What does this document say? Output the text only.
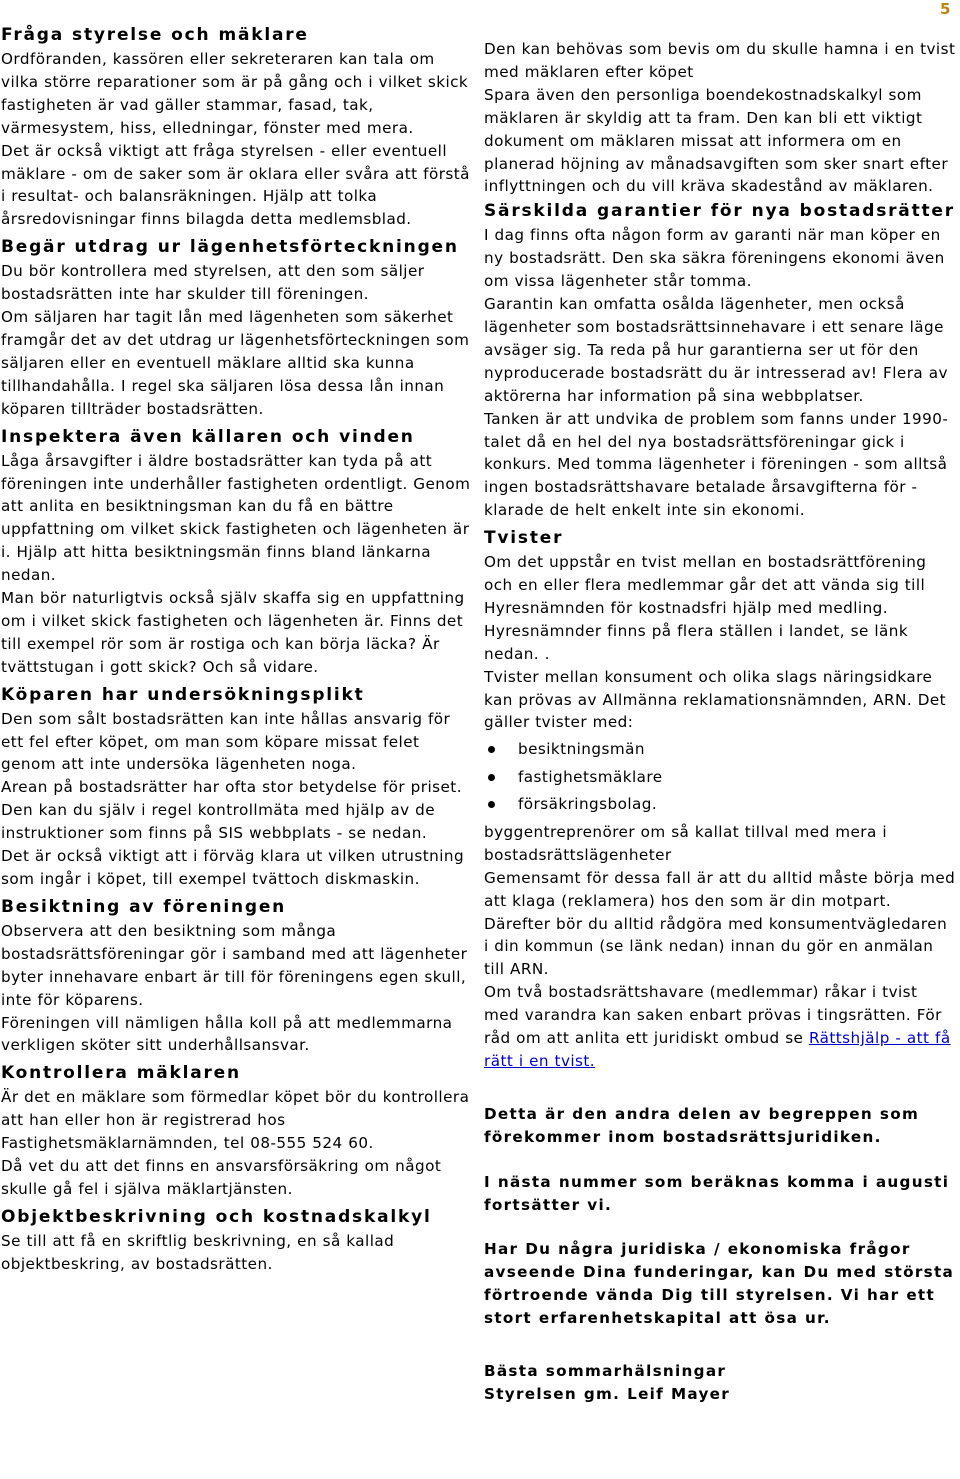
5
Fråga styrelse och mäklare

Ordföranden, kassören eller sekreteraren kan tala om vilka större reparationer som är på gång och i vilket skick fastigheten är vad gäller stammar, fasad, tak, värmesystem, hiss, elledningar, fönster med mera.

Det är också viktigt att fråga styrelsen - eller eventuell mäklare - om de saker som är oklara eller svåra att förstå i resultat- och balansräkningen. Hjälp att tolka årsredovisningar finns bilagda detta medlemsblad.

Begär utdrag ur lägenhetsförteckningen

Du bör kontrollera med styrelsen, att den som säljer bostadsrätten inte har skulder till föreningen.

Om säljaren har tagit lån med lägenheten som säkerhet framgår det av det utdrag ur lägenhetsförteckningen som säljaren eller en eventuell mäklare alltid ska kunna tillhandahålla. I regel ska säljaren lösa dessa lån innan köparen tillträder bostadsrätten.

Inspektera även källaren och vinden

Låga årsavgifter i äldre bostadsrätter kan tyda på att föreningen inte underhåller fastigheten ordentligt. Genom att anlita en besiktningsman kan du få en bättre uppfattning om vilket skick fastigheten och lägenheten är i. Hjälp att hitta besiktningsmän finns bland länkarna nedan.

Man bör naturligtvis också själv skaffa sig en uppfattning om i vilket skick fastigheten och lägenheten är. Finns det till exempel rör som är rostiga och kan börja läcka? Är tvättstugan i gott skick? Och så vidare.

Köparen har undersökningsplikt

Den som sålt bostadsrätten kan inte hållas ansvarig för ett fel efter köpet, om man som köpare missat felet genom att inte undersöka lägenheten noga.

Arean på bostadsrätter har ofta stor betydelse för priset. Den kan du själv i regel kontrollmäta med hjälp av de instruktioner som finns på SIS webbplats - se nedan.

Det är också viktigt att i förväg klara ut vilken utrustning som ingår i köpet, till exempel tvättoch diskmaskin.

Besiktning av föreningen

Observera att den besiktning som många bostadsrättsföreningar gör i samband med att lägenheter byter innehavare enbart är till för föreningens egen skull, inte för köparens.

Föreningen vill nämligen hålla koll på att medlemmarna verkligen sköter sitt underhållsansvar.

Kontrollera mäklaren

Är det en mäklare som förmedlar köpet bör du kontrollera att han eller hon är registrerad hos Fastighetsmäklarnämnden, tel 08-555 524 60.

Då vet du att det finns en ansvarsförsäkring om något skulle gå fel i själva mäklartjänsten.

Objektbeskrivning och kostnadskalkyl

Se till att få en skriftlig beskrivning, en så kallad objektbeskring, av bostadsrätten.

Den kan behövas som bevis om du skulle hamna i en tvist med mäklaren efter köpet

Spara även den personliga boendekostnadskalkyl som mäklaren är skyldig att ta fram. Den kan bli ett viktigt dokument om mäklaren missat att informera om en planerad höjning av månadsavgiften som sker snart efter inflyttningen och du vill kräva skadestånd av mäklaren.

Särskilda garantier för nya bostadsrätter

I dag finns ofta någon form av garanti när man köper en ny bostadsrätt. Den ska säkra föreningens ekonomi även om vissa lägenheter står tomma.

Garantin kan omfatta osålda lägenheter, men också lägenheter som bostadsrättsinnehavare i ett senare läge avsäger sig. Ta reda på hur garantierna ser ut för den nyproducerade bostadsrätt du är intresserad av! Flera av aktörerna har information på sina webbplatser.

Tanken är att undvika de problem som fanns under 1990-talet då en hel del nya bostadsrättsföreningar gick i konkurs. Med tomma lägenheter i föreningen - som alltså ingen bostadsrättshavare betalade årsavgifterna för - klarade de helt enkelt inte sin ekonomi.

Tvister

Om det uppstår en tvist mellan en bostadsrättförening och en eller flera medlemmar går det att vända sig till Hyresnämnden för kostnadsfri hjälp med medling. Hyresnämnder finns på flera ställen i landet, se länk nedan. .

Tvister mellan konsument och olika slags näringsidkare kan prövas av Allmänna reklamationsnämnden, ARN. Det gäller tvister med:

besiktningsmän
fastighetsmäklare
försäkringsbolag.

byggentreprenörer om så kallat tillval med mera i bostadsrättslägenheter

Gemensamt för dessa fall är att du alltid måste börja med att klaga (reklamera) hos den som är din motpart. Därefter bör du alltid rådgöra med konsumentvägledaren i din kommun (se länk nedan) innan du gör en anmälan till ARN.

Om två bostadsrättshavare (medlemmar) råkar i tvist med varandra kan saken enbart prövas i tingsrätten. För råd om att anlita ett juridiskt ombud se Rättshjälp - att få rätt i en tvist.

Detta är den andra delen av begreppen som förekommer inom bostadsrättsjuridiken.

I nästa nummer som beräknas komma i augusti fortsätter vi.

Har Du några juridiska / ekonomiska frågor avseende Dina funderingar, kan Du med största förtroende vända Dig till styrelsen. Vi har ett stort erfarenhetskapital att ösa ur.

Bästa sommarhälsningar

Styrelsen gm. Leif Mayer
